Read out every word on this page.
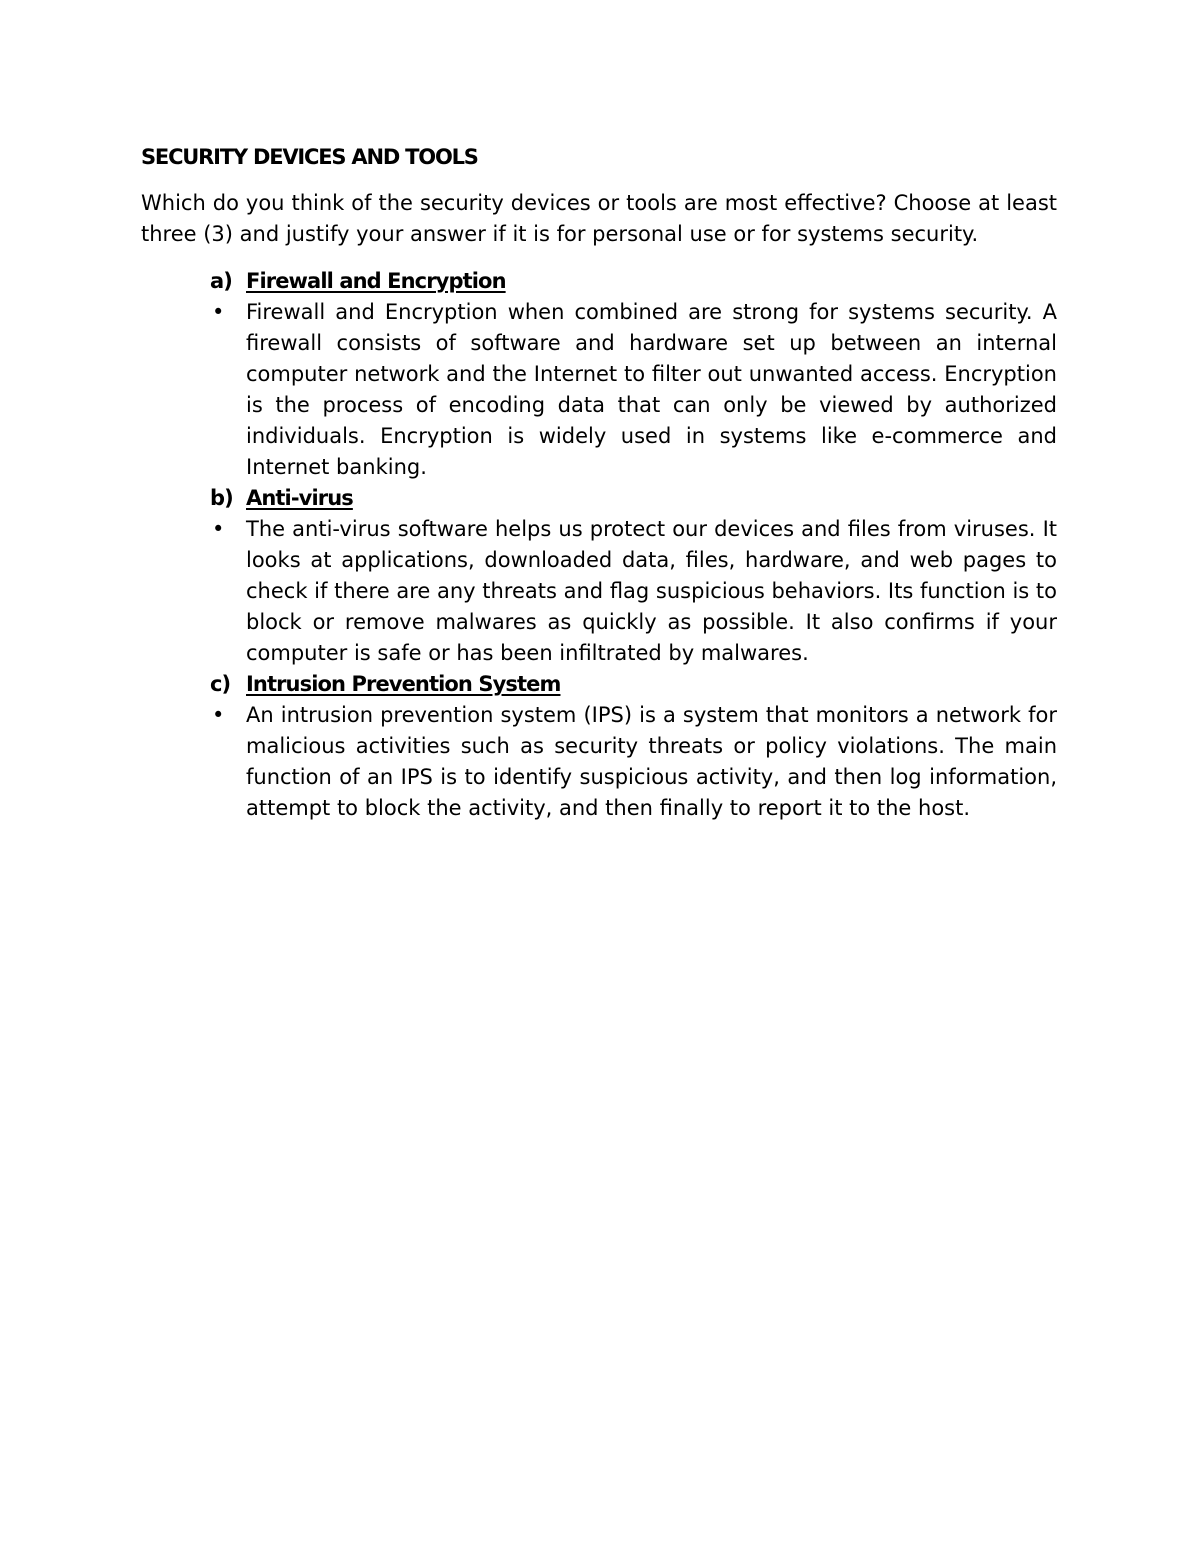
SECURITY DEVICES AND TOOLS

Which do you think of the security devices or tools are most effective? Choose at least three (3) and justify your answer if it is for personal use or for systems security.

a) Firewall and Encryption
•	Firewall and Encryption when combined are strong for systems security. A firewall consists of software and hardware set up between an internal computer network and the Internet to filter out unwanted access. Encryption is the process of encoding data that can only be viewed by authorized individuals. Encryption is widely used in systems like e-commerce and Internet banking.

b) Anti-virus
•	The anti-virus software helps us protect our devices and files from viruses. It looks at applications, downloaded data, files, hardware, and web pages to check if there are any threats and flag suspicious behaviors. Its function is to block or remove malwares as quickly as possible. It also confirms if your computer is safe or has been infiltrated by malwares.

c) Intrusion Prevention System
•	An intrusion prevention system (IPS) is a system that monitors a network for malicious activities such as security threats or policy violations. The main function of an IPS is to identify suspicious activity, and then log information, attempt to block the activity, and then finally to report it to the host.
